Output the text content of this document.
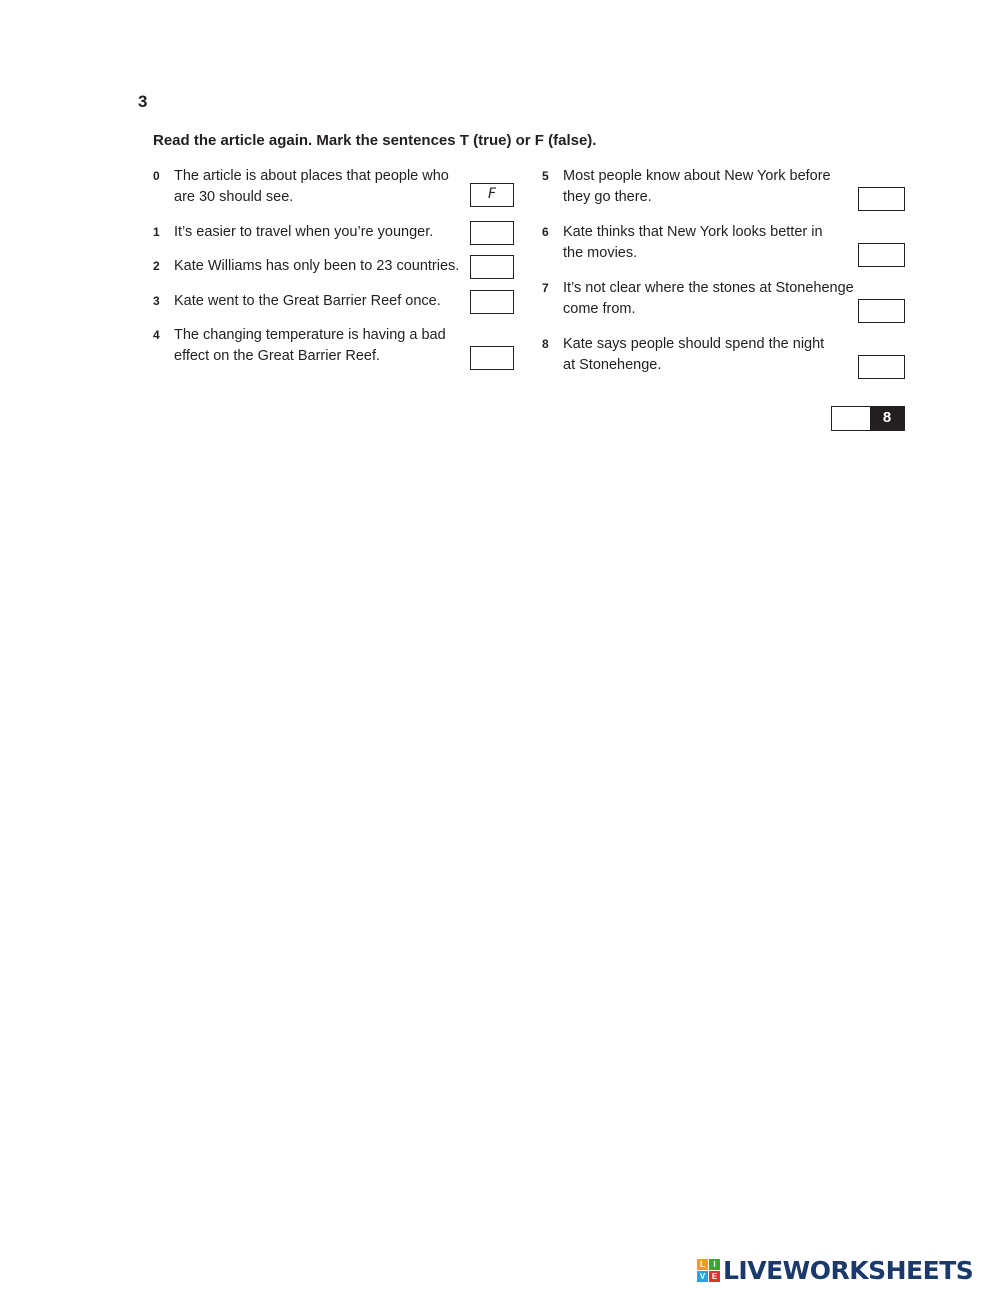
3
Read the article again. Mark the sentences T (true) or F (false).
0 The article is about places that people who
are 30 should see.	F
1 It’s easier to travel when you’re younger.
2 Kate Williams has only been to 23 countries.
3 Kate went to the Great Barrier Reef once.
4 The changing temperature is having a bad
effect on the Great Barrier Reef.
5 Most people know about New York before
they go there.
6 Kate thinks that New York looks better in
the movies.
7 It’s not clear where the stones at Stonehenge
come from.
8 Kate says people should spend the night
at Stonehenge.
8
L	I
V E LIVEWORKSHEETS
